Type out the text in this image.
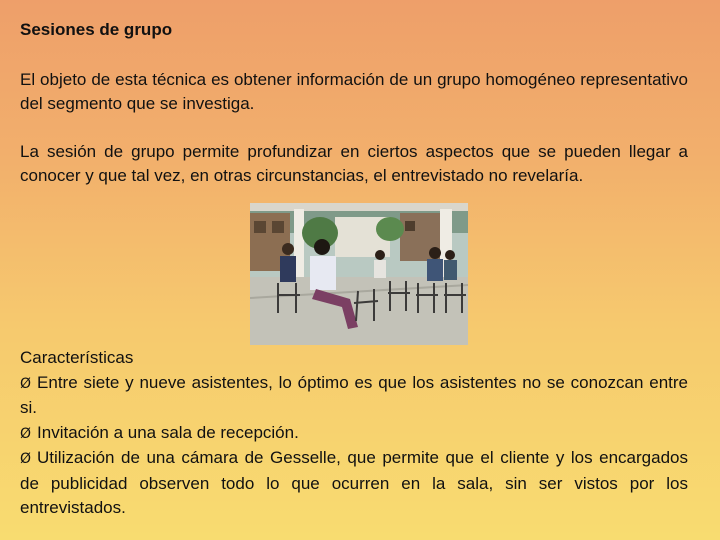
Sesiones de grupo

El objeto de esta técnica es obtener información de un grupo homogéneo representativo del segmento que se investiga.

La sesión de grupo permite profundizar en ciertos aspectos que se pueden llegar a conocer y que tal vez, en otras circunstancias, el entrevistado no revelaría.

Características

Ø Entre siete y nueve asistentes, lo óptimo es que los asistentes no se conozcan entre si.
Ø Invitación a una sala de recepción.
Ø Utilización de una cámara de Gesselle, que permite que el cliente y los encargados de publicidad observen todo lo que ocurren en la sala, sin ser vistos por los entrevistados.
